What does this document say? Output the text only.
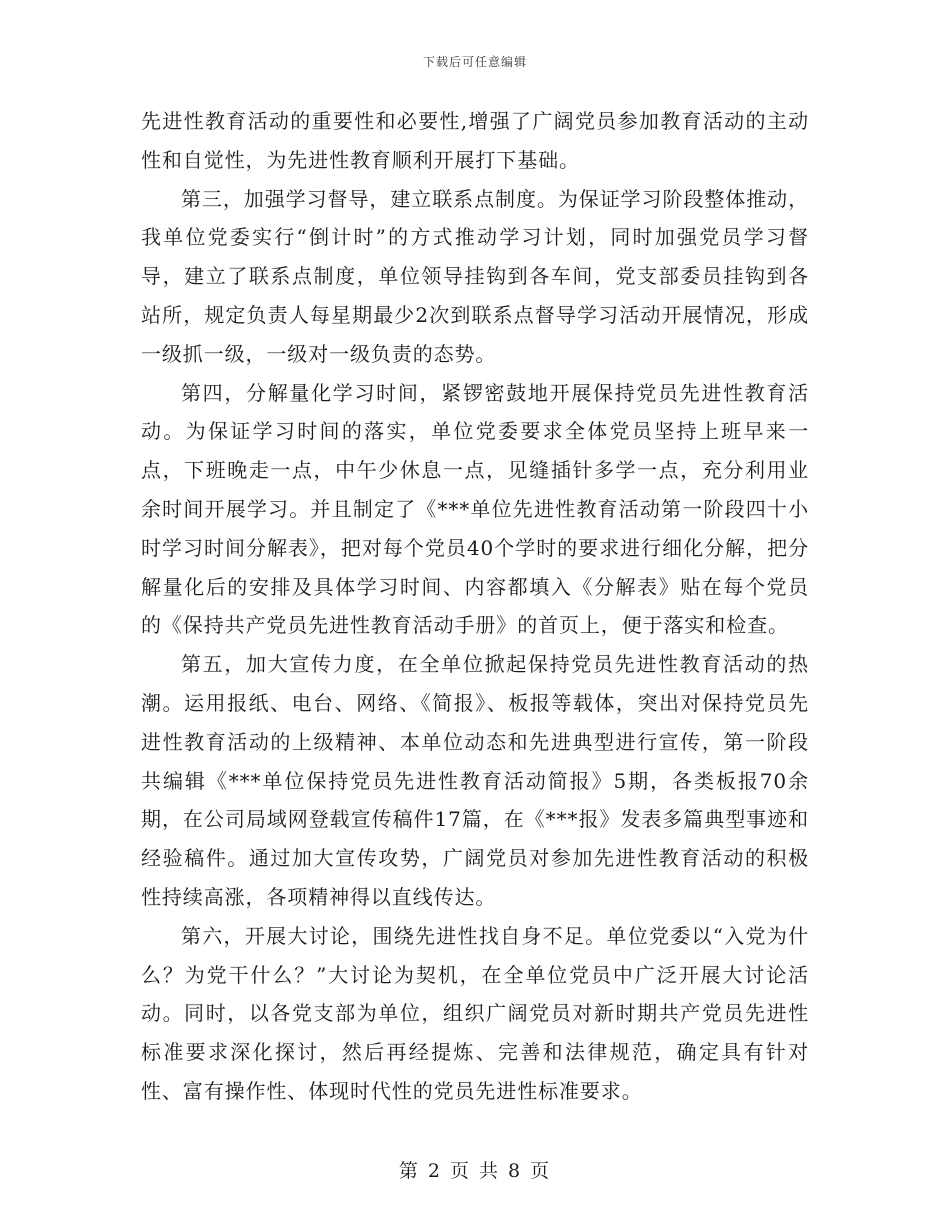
下载后可任意编辑

先进性教育活动的重要性和必要性,增强了广阔党员参加教育活动的主动性和自觉性，为先进性教育顺利开展打下基础。

第三，加强学习督导，建立联系点制度。为保证学习阶段整体推动，我单位党委实行“倒计时”的方式推动学习计划，同时加强党员学习督导，建立了联系点制度，单位领导挂钩到各车间，党支部委员挂钩到各站所，规定负责人每星期最少2次到联系点督导学习活动开展情况，形成一级抓一级，一级对一级负责的态势。

第四，分解量化学习时间，紧锣密鼓地开展保持党员先进性教育活动。为保证学习时间的落实，单位党委要求全体党员坚持上班早来一点，下班晚走一点，中午少休息一点，见缝插针多学一点，充分利用业余时间开展学习。并且制定了《***单位先进性教育活动第一阶段四十小时学习时间分解表》，把对每个党员40个学时的要求进行细化分解，把分解量化后的安排及具体学习时间、内容都填入《分解表》贴在每个党员的《保持共产党员先进性教育活动手册》的首页上，便于落实和检查。

第五，加大宣传力度，在全单位掀起保持党员先进性教育活动的热潮。运用报纸、电台、网络、《简报》、板报等载体，突出对保持党员先进性教育活动的上级精神、本单位动态和先进典型进行宣传，第一阶段共编辑《***单位保持党员先进性教育活动简报》5期，各类板报70余期，在公司局域网登载宣传稿件17篇，在《***报》发表多篇典型事迹和经验稿件。通过加大宣传攻势，广阔党员对参加先进性教育活动的积极性持续高涨，各项精神得以直线传达。

第六，开展大讨论，围绕先进性找自身不足。单位党委以“入党为什么？为党干什么？”大讨论为契机，在全单位党员中广泛开展大讨论活动。同时，以各党支部为单位，组织广阔党员对新时期共产党员先进性标准要求深化探讨，然后再经提炼、完善和法律规范，确定具有针对性、富有操作性、体现时代性的党员先进性标准要求。

第 2 页 共 8 页
